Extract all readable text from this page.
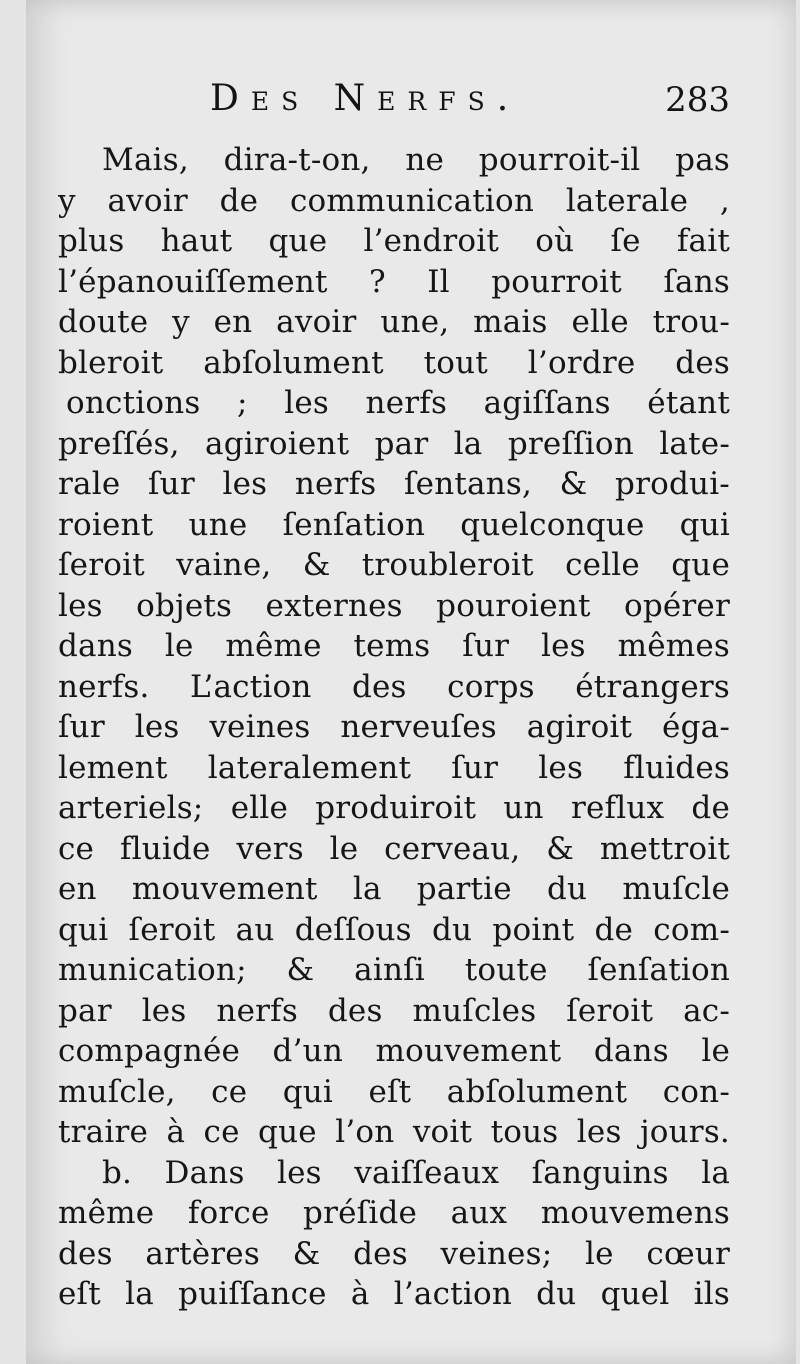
Des Nerfs.	283
Mais, dira-t-on, ne pourroit-il pas
y avoir de communication laterale ,
plus haut que l’endroit où ſe fait
l’épanouiſſement ? Il pourroit ſans
doute y en avoir une, mais elle trou-
bleroit abſolument tout l’ordre des
onctions ; les nerfs agiſſans étant
preſſés, agiroient par la preſſion late-
rale ſur les nerfs ſentans, & produi-
roient une ſenſation quelconque qui
ſeroit vaine, & troubleroit celle que
les objets externes pouroient opérer
dans le même tems ſur les mêmes
nerfs. L’action des corps étrangers
ſur les veines nerveuſes agiroit éga-
lement lateralement ſur les fluides
arteriels; elle produiroit un reflux de
ce fluide vers le cerveau, & mettroit
en mouvement la partie du muſcle
qui ſeroit au deſſous du point de com-
munication; & ainſi toute ſenſation
par les nerfs des muſcles ſeroit ac-
compagnée d’un mouvement dans le
muſcle, ce qui eſt abſolument con-
traire à ce que l’on voit tous les jours.
b. Dans les vaiſſeaux ſanguins la
même force préſide aux mouvemens
des artères & des veines; le cœur
eſt la puiſſance à l’action du quel ils
